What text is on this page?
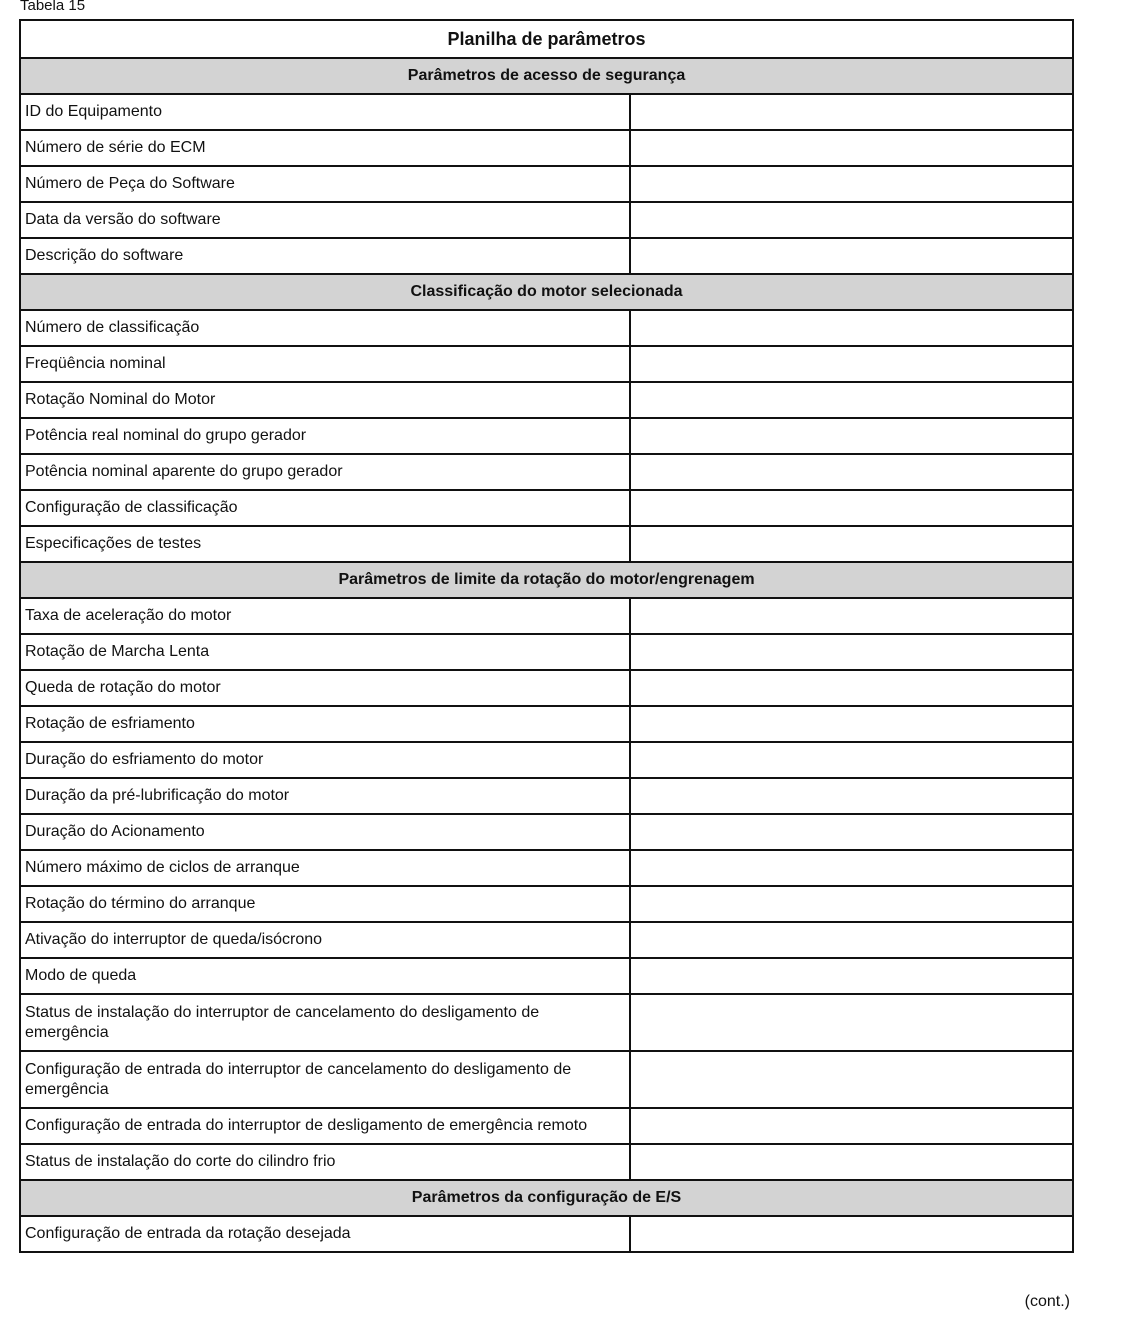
Tabela 15
Planilha de parâmetros	
Parâmetros de acesso de segurança	
ID do Equipamento	
Número de série do ECM	
Número de Peça do Software	
Data da versão do software	
Descrição do software	
Classificação do motor selecionada	
Número de classificação	
Freqüência nominal	
Rotação Nominal do Motor	
Potência real nominal do grupo gerador	
Potência nominal aparente do grupo gerador	
Configuração de classificação	
Especificações de testes	
Parâmetros de limite da rotação do motor/engrenagem	
Taxa de aceleração do motor	
Rotação de Marcha Lenta	
Queda de rotação do motor	
Rotação de esfriamento	
Duração do esfriamento do motor	
Duração da pré-lubrificação do motor	
Duração do Acionamento	
Número máximo de ciclos de arranque	
Rotação do término do arranque	
Ativação do interruptor de queda/isócrono	
Modo de queda	
Status de instalação do interruptor de cancelamento do desligamento de emergência	
Configuração de entrada do interruptor de cancelamento do desligamento de emergência	
Configuração de entrada do interruptor de desligamento de emergência remoto	
Status de instalação do corte do cilindro frio	
Parâmetros da configuração de E/S	
Configuração de entrada da rotação desejada	
(cont.)
